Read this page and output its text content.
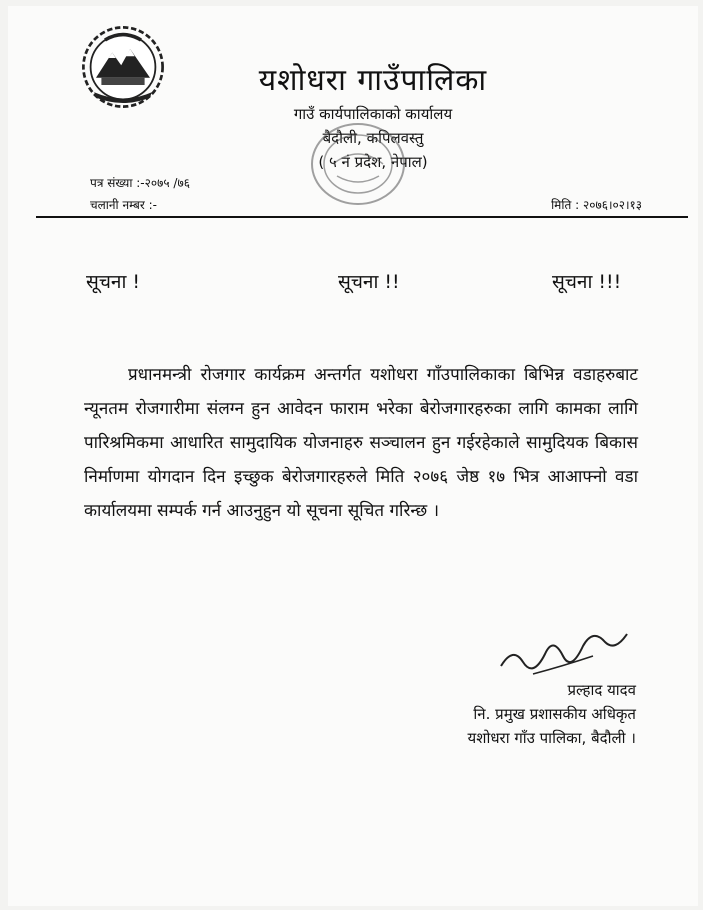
यशोधरा गाउँपालिका
गाउँ कार्यपालिकाको कार्यालय
बैदौली, कपिलवस्तु
( ५ नं प्रदेश, नेपाल)
पत्र संख्या :-२०७५ /७६
चलानी नम्बर :-	मिति : २०७६।०२।१३
सूचना !	सूचना !!	सूचना !!!
प्रधानमन्त्री रोजगार कार्यक्रम अन्तर्गत यशोधरा गाँउपालिकाका बिभिन्न वडाहरुबाट न्यूनतम रोजगारीमा संलग्न हुन आवेदन फाराम भरेका बेरोजगारहरुका लागि कामका लागि पारिश्रमिकमा आधारित सामुदायिक योजनाहरु सञ्चालन हुन गईरहेकाले सामुदियक बिकास निर्माणमा योगदान दिन इच्छुक बेरोजगारहरुले मिति २०७६ जेष्ठ १७ भित्र आआफ्नो वडा कार्यालयमा सम्पर्क गर्न आउनुहुन यो सूचना सूचित गरिन्छ ।
प्रल्हाद यादव
नि. प्रमुख प्रशासकीय अधिकृत
यशोधरा गाँउ पालिका, बैदौली ।
